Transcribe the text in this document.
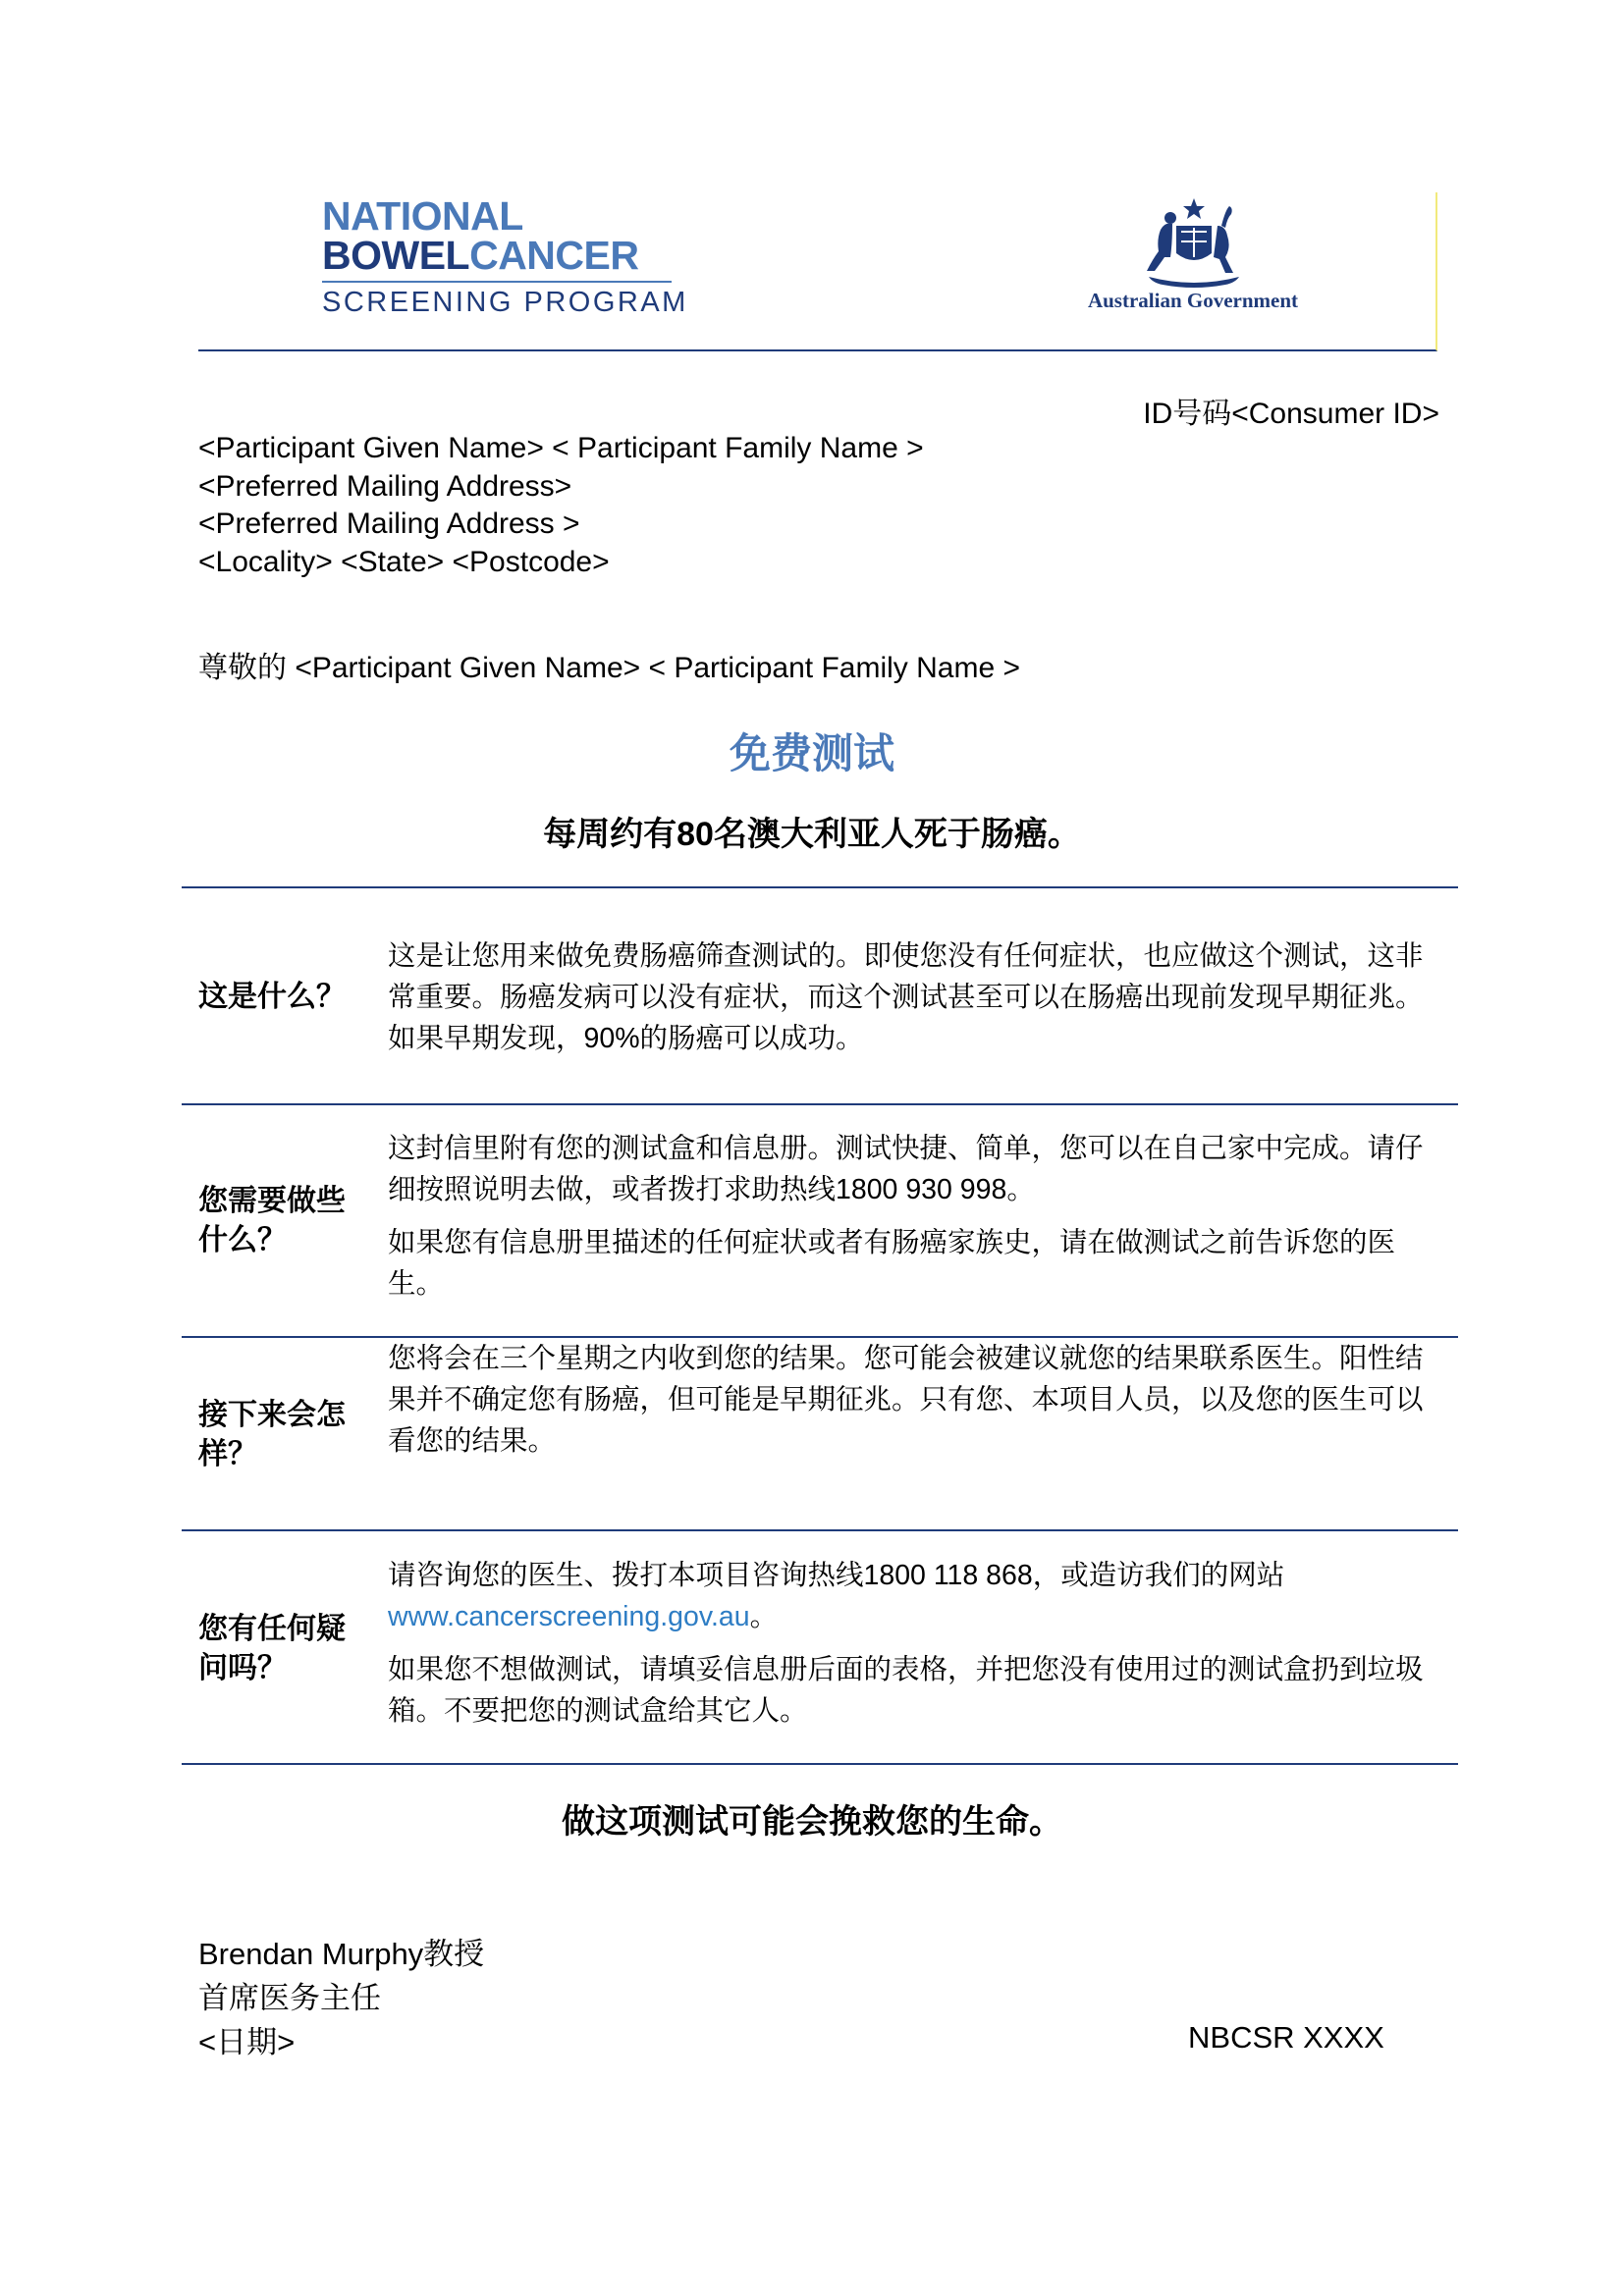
NATIONAL
BOWELCANCER
SCREENING PROGRAM	Australian Government
ID号码<Consumer ID>
<Participant Given Name> < Participant Family Name >
<Preferred Mailing Address>
<Preferred Mailing Address >
<Locality> <State> <Postcode>
尊敬的 <Participant Given Name> < Participant Family Name >
免费测试
每周约有80名澳大利亚人死于肠癌。
这是什么？

这是让您用来做免费肠癌筛查测试的。即使您没有任何症状，也应做这个测试，这非常重要。肠癌发病可以没有症状，而这个测试甚至可以在肠癌出现前发现早期征兆。如果早期发现，90%的肠癌可以成功。

您需要做些什么？

这封信里附有您的测试盒和信息册。测试快捷、简单，您可以在自己家中完成。请仔细按照说明去做，或者拨打求助热线1800 930 998。

如果您有信息册里描述的任何症状或者有肠癌家族史，请在做测试之前告诉您的医生。

接下来会怎样？

您将会在三个星期之内收到您的结果。您可能会被建议就您的结果联系医生。阳性结果并不确定您有肠癌，但可能是早期征兆。只有您、本项目人员，以及您的医生可以看您的结果。

您有任何疑问吗？

请咨询您的医生、拨打本项目咨询热线1800 118 868，或造访我们的网站www.cancerscreening.gov.au。

如果您不想做测试，请填妥信息册后面的表格，并把您没有使用过的测试盒扔到垃圾箱。不要把您的测试盒给其它人。

做这项测试可能会挽救您的生命。
Brendan Murphy教授
首席医务主任
<日期>	NBCSR XXXX
